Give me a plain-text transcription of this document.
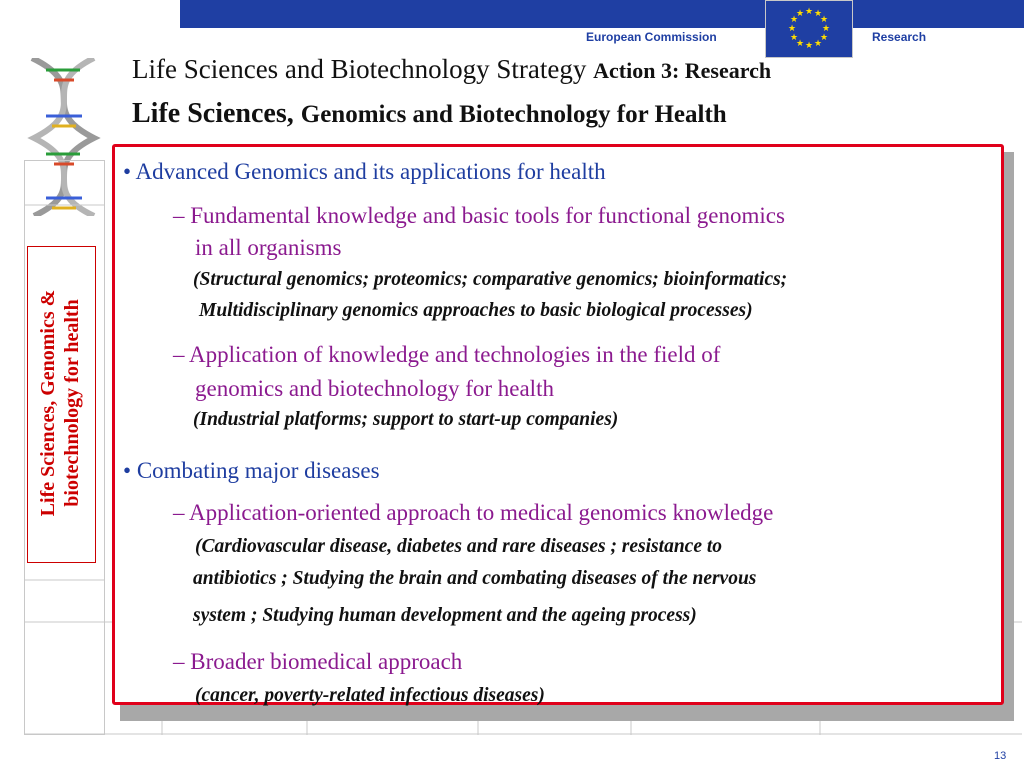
European Commission
★ ★
★
★
★
★
★
★
★
★
★
★
Research
Life Sciences and Biotechnology Strategy Action 3: Research
Life Sciences, Genomics and Biotechnology for Health
Life Sciences, Genomics & biotechnology for health
• Advanced Genomics and its applications for health
– Fundamental knowledge and basic tools for functional genomics
in all organisms
(Structural genomics; proteomics; comparative genomics; bioinformatics;
Multidisciplinary genomics approaches to basic biological processes)
– Application of knowledge and technologies in the field of
genomics and biotechnology for health
(Industrial platforms; support to start-up companies)
• Combating major diseases
– Application-oriented approach to medical genomics knowledge
(Cardiovascular disease, diabetes and rare diseases ; resistance to
antibiotics ; Studying the brain and combating diseases of the nervous
system ; Studying human development and the ageing process)
– Broader biomedical approach
(cancer, poverty-related infectious diseases)
13
